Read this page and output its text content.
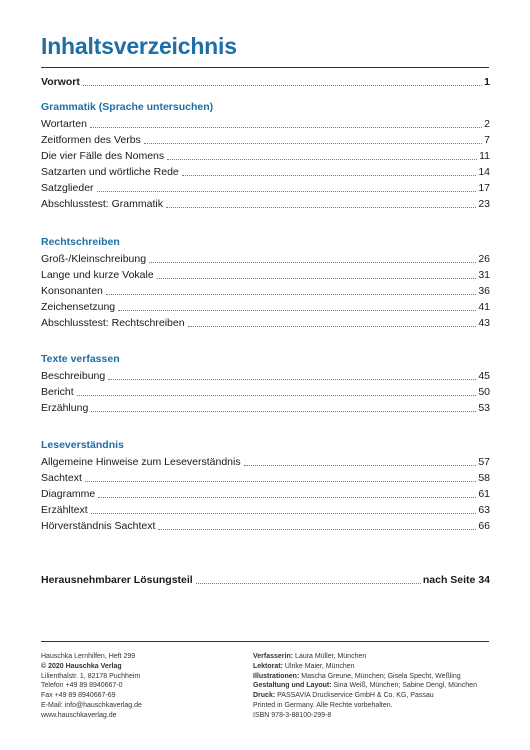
Inhaltsverzeichnis
Vorwort	1
Grammatik (Sprache untersuchen)
Wortarten	2
Zeitformen des Verbs	7
Die vier Fälle des Nomens	11
Satzarten und wörtliche Rede	14
Satzglieder	17
Abschlusstest: Grammatik	23
Rechtschreiben
Groß-/Kleinschreibung	26
Lange und kurze Vokale	31
Konsonanten	36
Zeichensetzung	41
Abschlusstest: Rechtschreiben	43
Texte verfassen
Beschreibung	45
Bericht	50
Erzählung	53
Leseverständnis
Allgemeine Hinweise zum Leseverständnis	57
Sachtext	58
Diagramme	61
Erzähltext	63
Hörverständnis Sachtext	66
Herausnehmbarer Lösungsteil	nach Seite 34
Hauschka Lernhilfen, Heft 299
© 2020 Hauschka Verlag
Lilienthalstr. 1, 82178 Puchheim
Telefon +49 89 8940667-0
Fax +49 89 8940667-69
E-Mail: info@hauschkaverlag.de
www.hauschkaverlag.de
Verfasserin: Laura Müller, München
Lektorat: Ulrike Maier, München
Illustrationen: Mascha Greune, München; Gisela Specht, Weßling
Gestaltung und Layout: Sina Weiß, München; Sabine Dengl, München
Druck: PASSAVIA Druckservice GmbH & Co. KG, Passau
Printed in Germany. Alle Rechte vorbehalten.
ISBN 978-3-88100-299-8
